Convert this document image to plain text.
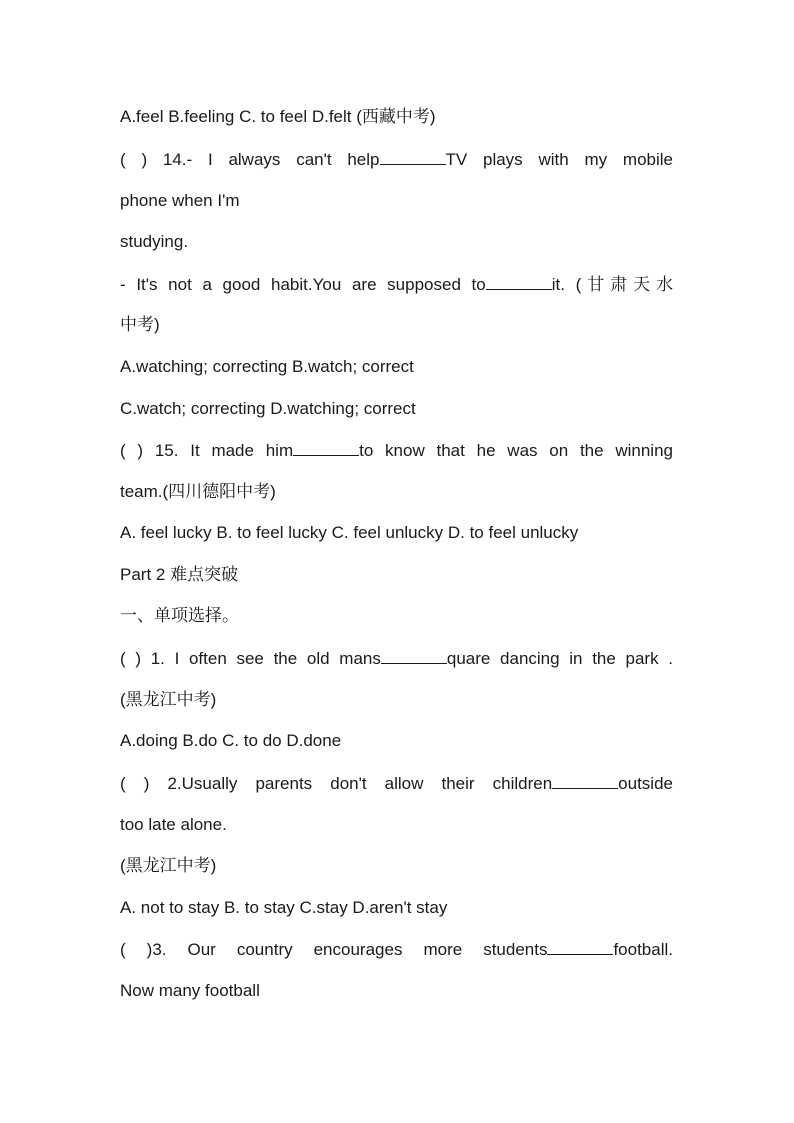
A.feel B.feeling C. to feel D.felt (西藏中考)
( ) 14.- I always can't help	TV plays with my mobile
phone when I'm
studying.
- It's not a good habit.You are supposed to	it. (甘肃天水
中考)
A.watching; correcting B.watch; correct
C.watch; correcting D.watching; correct
( ) 15. It made him	to know that he was on the winning
team.(四川德阳中考)
A. feel lucky B. to feel lucky C. feel unlucky D. to feel unlucky
Part 2 难点突破
一、单项选择。
( ) 1. I often see the old mans	quare dancing in the park .
(黑龙江中考)
A.doing B.do C. to do D.done
( ) 2.Usually parents don't allow their children	outside
too late alone.
(黑龙江中考)
A. not to stay B. to stay C.stay D.aren't stay
( )3. Our country encourages more students	football.
Now many football
